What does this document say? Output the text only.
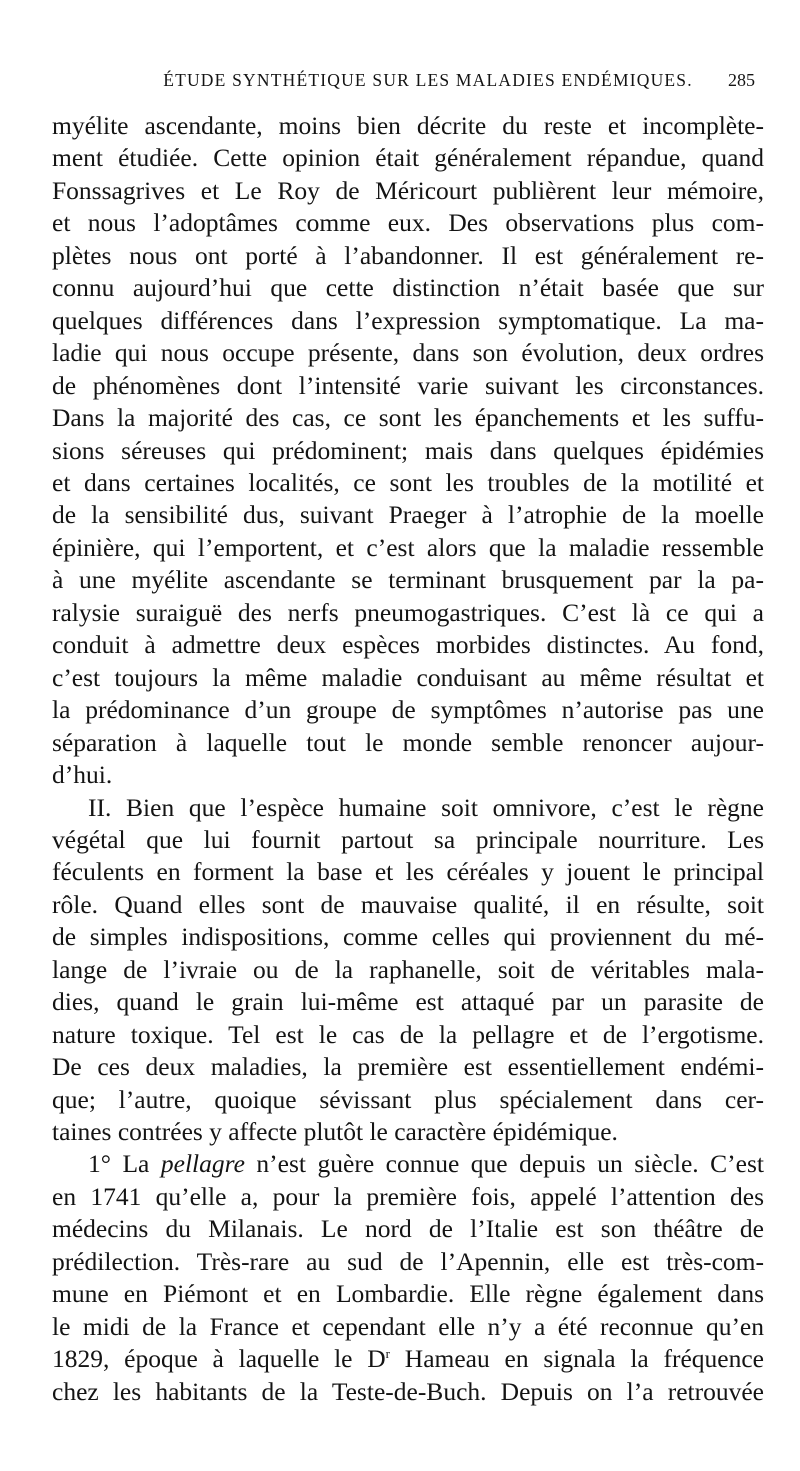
ÉTUDE SYNTHÉTIQUE SUR LES MALADIES ENDÉMIQUES.	285
myélite ascendante, moins bien décrite du reste et incomplète-
ment étudiée. Cette opinion était généralement répandue, quand
Fonssagrives et Le Roy de Méricourt publièrent leur mémoire,
et nous l’adoptâmes comme eux. Des observations plus com-
plètes nous ont porté à l’abandonner. Il est généralement re-
connu aujourd’hui que cette distinction n’était basée que sur
quelques différences dans l’expression symptomatique. La ma-
ladie qui nous occupe présente, dans son évolution, deux ordres
de phénomènes dont l’intensité varie suivant les circonstances.
Dans la majorité des cas, ce sont les épanchements et les suffu-
sions séreuses qui prédominent; mais dans quelques épidémies
et dans certaines localités, ce sont les troubles de la motilité et
de la sensibilité dus, suivant Praeger à l’atrophie de la moelle
épinière, qui l’emportent, et c’est alors que la maladie ressemble
à une myélite ascendante se terminant brusquement par la pa-
ralysie suraiguë des nerfs pneumogastriques. C’est là ce qui a
conduit à admettre deux espèces morbides distinctes. Au fond,
c’est toujours la même maladie conduisant au même résultat et
la prédominance d’un groupe de symptômes n’autorise pas une
séparation à laquelle tout le monde semble renoncer aujour-
d’hui.
II. Bien que l’espèce humaine soit omnivore, c’est le règne
végétal que lui fournit partout sa principale nourriture. Les
féculents en forment la base et les céréales y jouent le principal
rôle. Quand elles sont de mauvaise qualité, il en résulte, soit
de simples indispositions, comme celles qui proviennent du mé-
lange de l’ivraie ou de la raphanelle, soit de véritables mala-
dies, quand le grain lui-même est attaqué par un parasite de
nature toxique. Tel est le cas de la pellagre et de l’ergotisme.
De ces deux maladies, la première est essentiellement endémi-
que; l’autre, quoique sévissant plus spécialement dans cer-
taines contrées y affecte plutôt le caractère épidémique.
1° La pellagre n’est guère connue que depuis un siècle. C’est
en 1741 qu’elle a, pour la première fois, appelé l’attention des
médecins du Milanais. Le nord de l’Italie est son théâtre de
prédilection. Très-rare au sud de l’Apennin, elle est très-com-
mune en Piémont et en Lombardie. Elle règne également dans
le midi de la France et cependant elle n’y a été reconnue qu’en
1829, époque à laquelle le $D^r$ Hameau en signala la fréquence
chez les habitants de la Teste-de-Buch. Depuis on l’a retrouvée
